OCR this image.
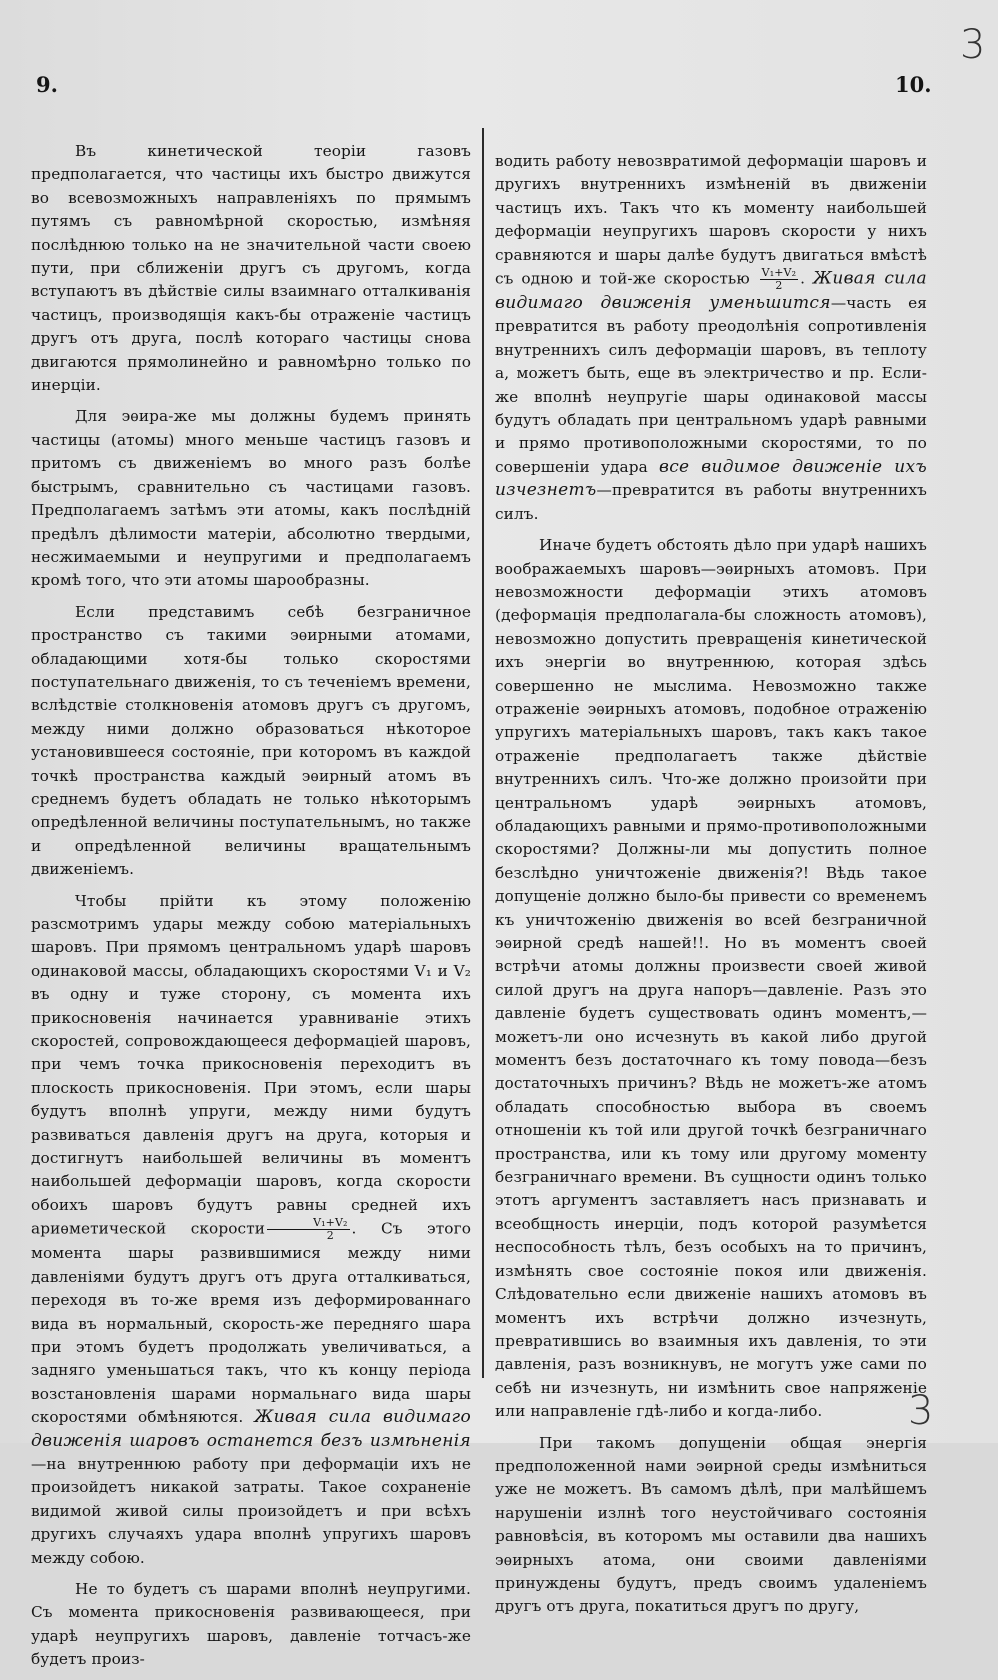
9.	10.
3
3

Въ кинетической теоріи газовъ предполагается, что частицы ихъ быстро движутся во всевозможныхъ направленіяхъ по прямымъ путямъ съ равномѣрной скоростью, измѣняя послѣднюю только на не значительной части своею пути, при сближеніи другъ съ другомъ, когда вступаютъ въ дѣйствіе силы взаимнаго отталкиванія частицъ, производящія какъ-бы отраженіе частицъ другъ отъ друга, послѣ котораго частицы снова двигаются прямолинейно и равномѣрно только по инерціи.

Для эѳира-же мы должны будемъ принять частицы (атомы) много меньше частицъ газовъ и притомъ съ движеніемъ во много разъ болѣе быстрымъ, сравнительно съ частицами газовъ. Предполагаемъ затѣмъ эти атомы, какъ послѣдній предѣлъ дѣлимости матеріи, абсолютно твердыми, несжимаемыми и неупругими и предполагаемъ кромѣ того, что эти атомы шарообразны.

Если представимъ себѣ безграничное пространство съ такими эѳирными атомами, обладающими хотя-бы только скоростями поступательнаго движенія, то съ теченіемъ времени, вслѣдствіе столкновенія атомовъ другъ съ другомъ, между ними должно образоваться нѣкоторое установившееся состояніе, при которомъ въ каждой точкѣ пространства каждый эѳирный атомъ въ среднемъ будетъ обладать не только нѣкоторымъ опредѣленной величины поступательнымъ, но также и опредѣленной величины вращательнымъ движеніемъ.

Чтобы прійти къ этому положенію разсмотримъ удары между собою матеріальныхъ шаровъ. При прямомъ центральномъ ударѣ шаровъ одинаковой массы, обладающихъ скоростями V₁ и V₂ въ одну и туже сторону, съ момента ихъ прикосновенія начинается уравниваніе этихъ скоростей, сопровождающееся деформаціей шаровъ, при чемъ точка прикосновенія переходитъ въ плоскость прикосновенія. При этомъ, если шары будутъ вполнѣ упруги, между ними будутъ развиваться давленія другъ на друга, которыя и достигнутъ наибольшей величины въ моментъ наибольшей деформаціи шаровъ, когда скорости обоихъ шаровъ будутъ равны средней ихъ ариѳметической скорости $\frac{\text{V₁+V₂}}{2}$ . Съ этого момента шары развившимися между ними давленіями будутъ другъ отъ друга отталкиваться, переходя въ то-же время изъ деформированнаго вида въ нормальный, скорость-же передняго шара при этомъ будетъ продолжать увеличиваться, а задняго уменьшаться такъ, что къ концу періода возстановленія шарами нормальнаго вида шары скоростями обмѣняются. Живая сила видимаго движенія шаровъ останется безъ измѣненія—на внутреннюю работу при деформаціи ихъ не произойдетъ никакой затраты. Такое сохраненіе видимой живой силы произойдетъ и при всѣхъ другихъ случаяхъ удара вполнѣ упругихъ шаровъ между собою.

Не то будетъ съ шарами вполнѣ неупругими. Съ момента прикосновенія развивающееся, при ударѣ неупругихъ шаровъ, давленіе тотчасъ-же будетъ произ-

водить работу невозвратимой деформаціи шаровъ и другихъ внутреннихъ измѣненій въ движеніи частицъ ихъ. Такъ что къ моменту наибольшей деформаціи неупругихъ шаровъ скорости у нихъ сравняются и шары далѣе будутъ двигаться вмѣстѣ съ одною и той-же скоростью $\frac{\text{V₁+V₂}}{2}$ . Живая сила видимаго движенія уменьшится—часть ея превратится въ работу преодолѣнія сопротивленія внутреннихъ силъ деформаціи шаровъ, въ теплоту а, можетъ быть, еще въ электричество и пр. Если-же вполнѣ неупругіе шары одинаковой массы будутъ обладать при центральномъ ударѣ равными и прямо противоположными скоростями, то по совершеніи удара все видимое движеніе ихъ изчезнетъ—превратится въ работы внутреннихъ силъ.

Иначе будетъ обстоять дѣло при ударѣ нашихъ воображаемыхъ шаровъ—эѳирныхъ атомовъ. При невозможности деформаціи этихъ атомовъ (деформація предполагала-бы сложность атомовъ), невозможно допустить превращенія кинетической ихъ энергіи во внутреннюю, которая здѣсь совершенно не мыслима. Невозможно также отраженіе эѳирныхъ атомовъ, подобное отраженію упругихъ матеріальныхъ шаровъ, такъ какъ такое отраженіе предполагаетъ также дѣйствіе внутреннихъ силъ. Что-же должно произойти при центральномъ ударѣ эѳирныхъ атомовъ, обладающихъ равными и прямо-противоположными скоростями? Должны-ли мы допустить полное безслѣдно уничтоженіе движенія?! Вѣдь такое допущеніе должно было-бы привести со временемъ къ уничтоженію движенія во всей безграничной эѳирной средѣ нашей!!. Но въ моментъ своей встрѣчи атомы должны произвести своей живой силой другъ на друга напоръ—давленіе. Разъ это давленіе будетъ существовать одинъ моментъ,—можетъ-ли оно исчезнуть въ какой либо другой моментъ безъ достаточнаго къ тому повода—безъ достаточныхъ причинъ? Вѣдь не можетъ-же атомъ обладать способностью выбора въ своемъ отношеніи къ той или другой точкѣ безграничнаго пространства, или къ тому или другому моменту безграничнаго времени. Въ сущности одинъ только этотъ аргументъ заставляетъ насъ признавать и всеобщность инерціи, подъ которой разумѣется неспособность тѣлъ, безъ особыхъ на то причинъ, измѣнять свое состояніе покоя или движенія. Слѣдовательно если движеніе нашихъ атомовъ въ моментъ ихъ встрѣчи должно изчезнуть, превратившись во взаимныя ихъ давленія, то эти давленія, разъ возникнувъ, не могутъ уже сами по себѣ ни изчезнуть, ни измѣнить свое напряженіе или направленіе гдѣ-либо и когда-либо.

При такомъ допущеніи общая энергія предположенной нами эѳирной среды измѣниться уже не можетъ. Въ самомъ дѣлѣ, при малѣйшемъ нарушеніи излнѣ того неустойчиваго состоянія равновѣсія, въ которомъ мы оставили два нашихъ эѳирныхъ атома, они своими давленіями принуждены будутъ, предъ своимъ удаленіемъ другъ отъ друга, покатиться другъ по другу,
